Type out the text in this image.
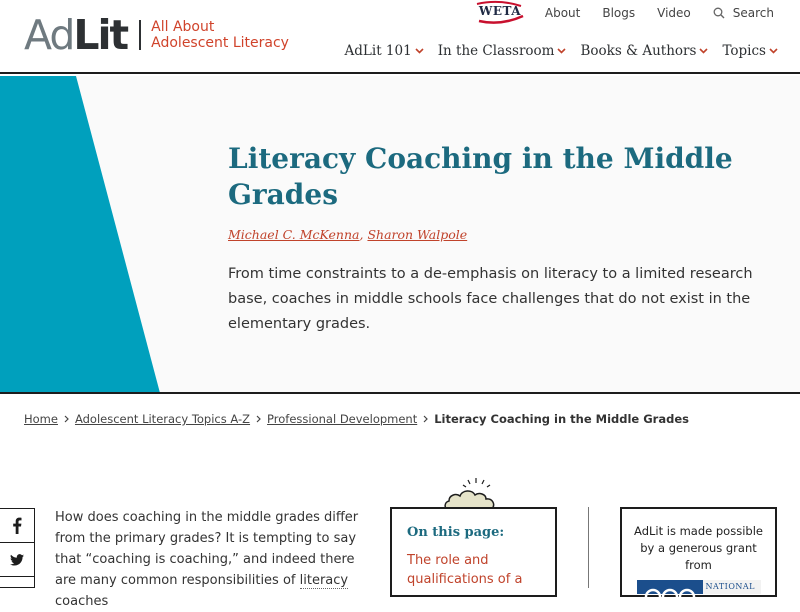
AdLit All About
Adolescent Literacy
WETA About Blogs Video	Search
AdLit 101 In the Classroom Books & Authors Topics
Literacy Coaching in the Middle Grades
Michael C. McKenna, Sharon Walpole

From time constraints to a de-emphasis on literacy to a limited research base, coaches in middle schools face challenges that do not exist in the elementary grades.

Home Adolescent Literacy Topics A-Z Professional Development Literacy Coaching in the Middle Grades

How does coaching in the middle grades differ from the primary grades? It is tempting to say that “coaching is coaching,” and indeed there are many common responsibilities of literacy coaches

On this page:
The role and qualifications of a
AdLit is made possible by a generous grant from
NATIONAL
